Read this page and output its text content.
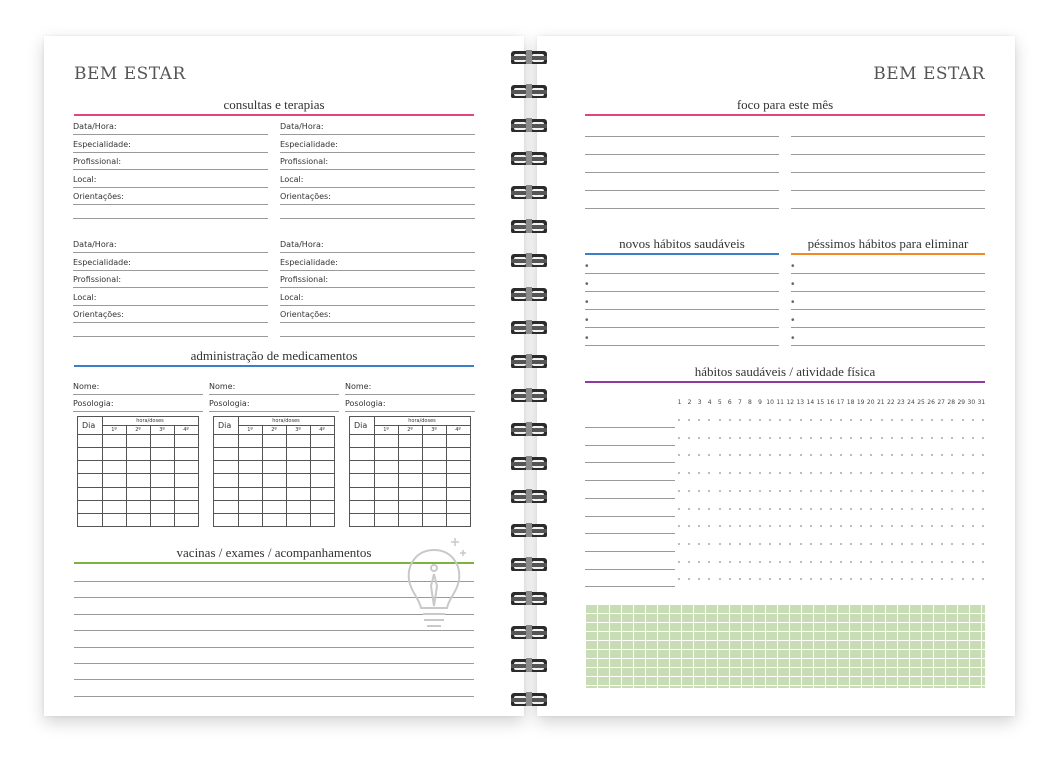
BEM ESTAR
consultas e terapias
Data/Hora:
Especialidade:
Profissional:
Local:
Orientações:
Data/Hora:
Especialidade:
Profissional:
Local:
Orientações:
Data/Hora:
Especialidade:
Profissional:
Local:
Orientações:
Data/Hora:
Especialidade:
Profissional:
Local:
Orientações:
administração de medicamentos
Nome:
Posologia:
Dia	hora/doses
1º	2º	3º	4º
Nome:
Posologia:
Dia	hora/doses
1º	2º	3º	4º
Nome:
Posologia:
Dia	hora/doses
1º	2º	3º	4º
vacinas / exames / acompanhamentos
BEM ESTAR
foco para este mês
novos hábitos saudáveis	péssimos hábitos para eliminar
•
•
•
•
•
•
•
•
•
•
hábitos saudáveis / atividade física
1	2	3	4	5	6	7	8	9 10 11 12 13 14 15 16 17 18 19 20 21 22 23 24 25 26 27 28 29 30 31
